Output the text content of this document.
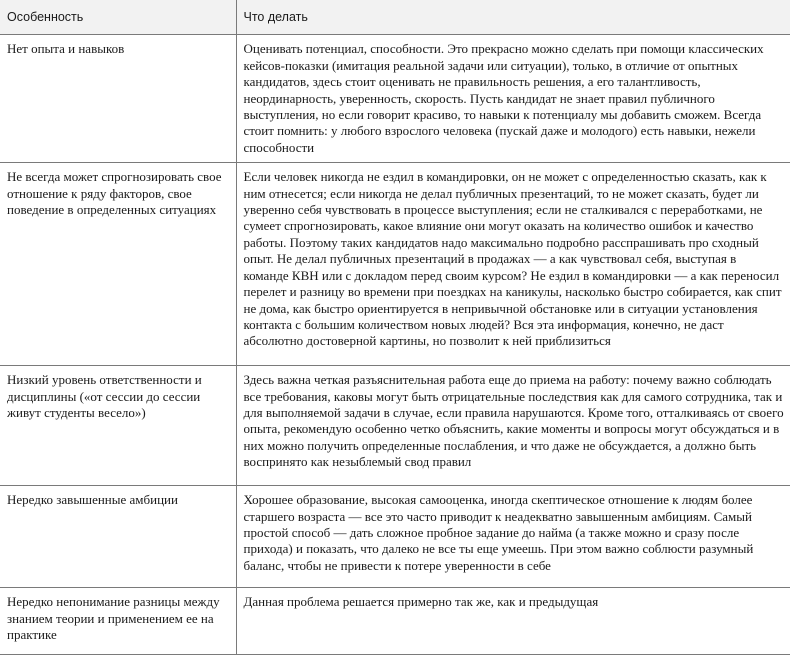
Особенность	Что делать
Нет опыта и навыков	Оценивать потенциал, способности. Это прекрасно можно сделать при помощи классических кейсов-показки (имитация реальной задачи или ситуации), только, в отличие от опытных кандидатов, здесь стоит оценивать не правильность решения, а его талантливость, неординарность, уверенность, скорость. Пусть кандидат не знает правил публичного выступления, но если говорит красиво, то навыки к потенциалу мы добавить сможем. Всегда стоит помнить: у любого взрослого человека (пускай даже и молодого) есть навыки, нежели способности
Не всегда может спрогнозировать свое отношение к ряду факторов, свое поведение в определенных ситуациях	Если человек никогда не ездил в командировки, он не может с определенностью сказать, как к ним отнесется; если никогда не делал публичных презентаций, то не может сказать, будет ли уверенно себя чувствовать в процессе выступления; если не сталкивался с переработками, не сумеет спрогнозировать, какое влияние они могут оказать на количество ошибок и качество работы. Поэтому таких кандидатов надо максимально подробно расспрашивать про сходный опыт. Не делал публичных презентаций в продажах — а как чувствовал себя, выступая в команде КВН или с докладом перед своим курсом? Не ездил в командировки — а как переносил перелет и разницу во времени при поездках на каникулы, насколько быстро собирается, как спит не дома, как быстро ориентируется в непривычной обстановке или в ситуации установления контакта с большим количеством новых людей? Вся эта информация, конечно, не даст абсолютно достоверной картины, но позволит к ней приблизиться
Низкий уровень ответственности и дисциплины («от сессии до сессии живут студенты весело»)	Здесь важна четкая разъяснительная работа еще до приема на работу: почему важно соблюдать все требования, каковы могут быть отрицательные последствия как для самого сотрудника, так и для выполняемой задачи в случае, если правила нарушаются. Кроме того, отталкиваясь от своего опыта, рекомендую особенно четко объяснить, какие моменты и вопросы могут обсуждаться и в них можно получить определенные послабления, и что даже не обсуждается, а должно быть воспринято как незыблемый свод правил
Нередко завышенные амбиции	Хорошее образование, высокая самооценка, иногда скептическое отношение к людям более старшего возраста — все это часто приводит к неадекватно завышенным амбициям. Самый простой способ — дать сложное пробное задание до найма (а также можно и сразу после прихода) и показать, что далеко не все ты еще умеешь. При этом важно соблюсти разумный баланс, чтобы не привести к потере уверенности в себе
Нередко непонимание разницы между знанием теории и применением ее на практике	Данная проблема решается примерно так же, как и предыдущая
